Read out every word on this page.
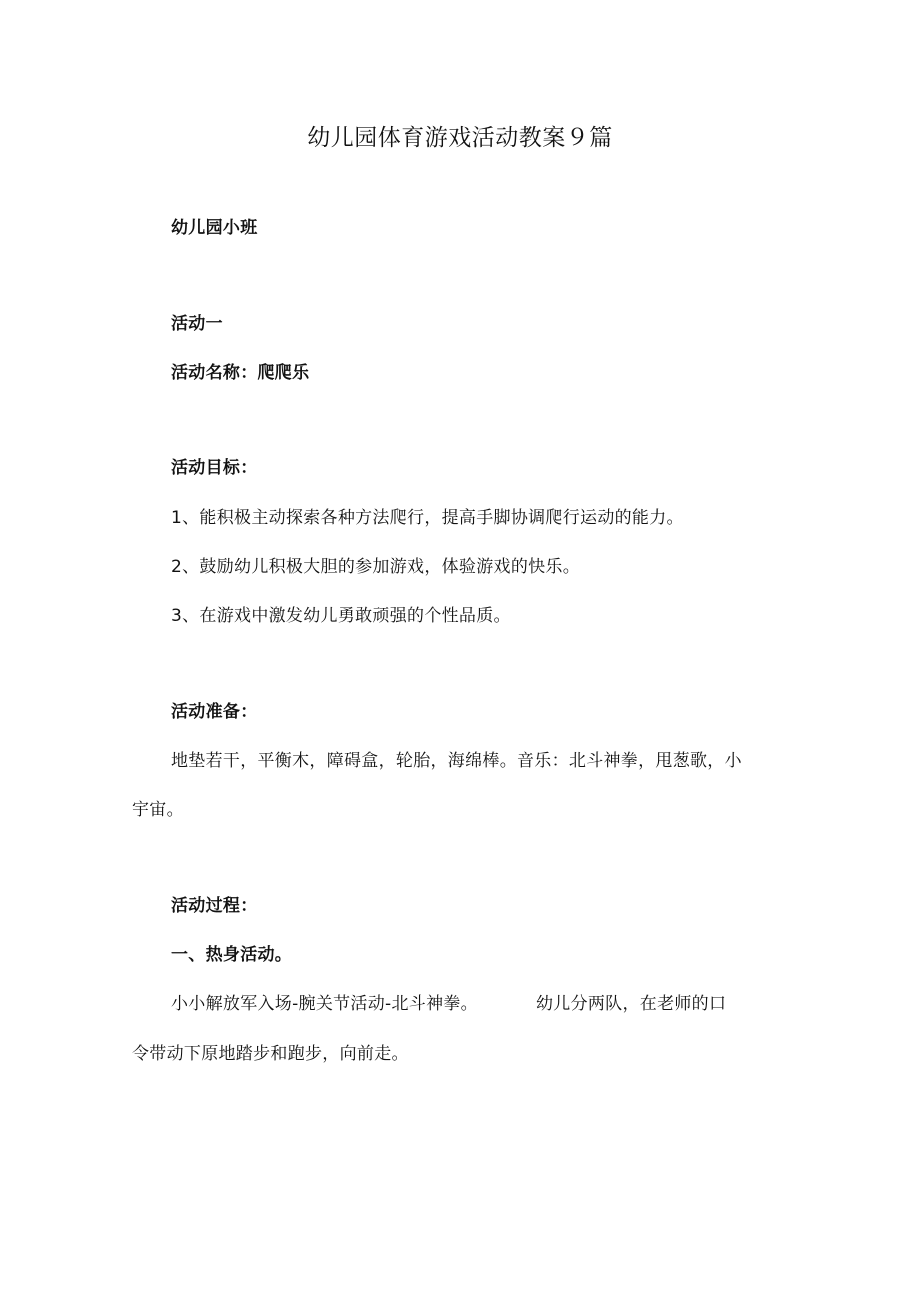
幼儿园体育游戏活动教案９篇
幼儿园小班
活动一
活动名称：爬爬乐
活动目标：
1、能积极主动探索各种方法爬行，提高手脚协调爬行运动的能力。
2、鼓励幼儿积极大胆的参加游戏，体验游戏的快乐。
3、在游戏中激发幼儿勇敢顽强的个性品质。
活动准备：
地垫若干，平衡木，障碍盒，轮胎，海绵棒。音乐：北斗神拳，甩葱歌，小
宇宙。
活动过程：
一、热身活动。
小小解放军入场-腕关节活动-北斗神拳。	幼儿分两队，在老师的口
令带动下原地踏步和跑步，向前走。
